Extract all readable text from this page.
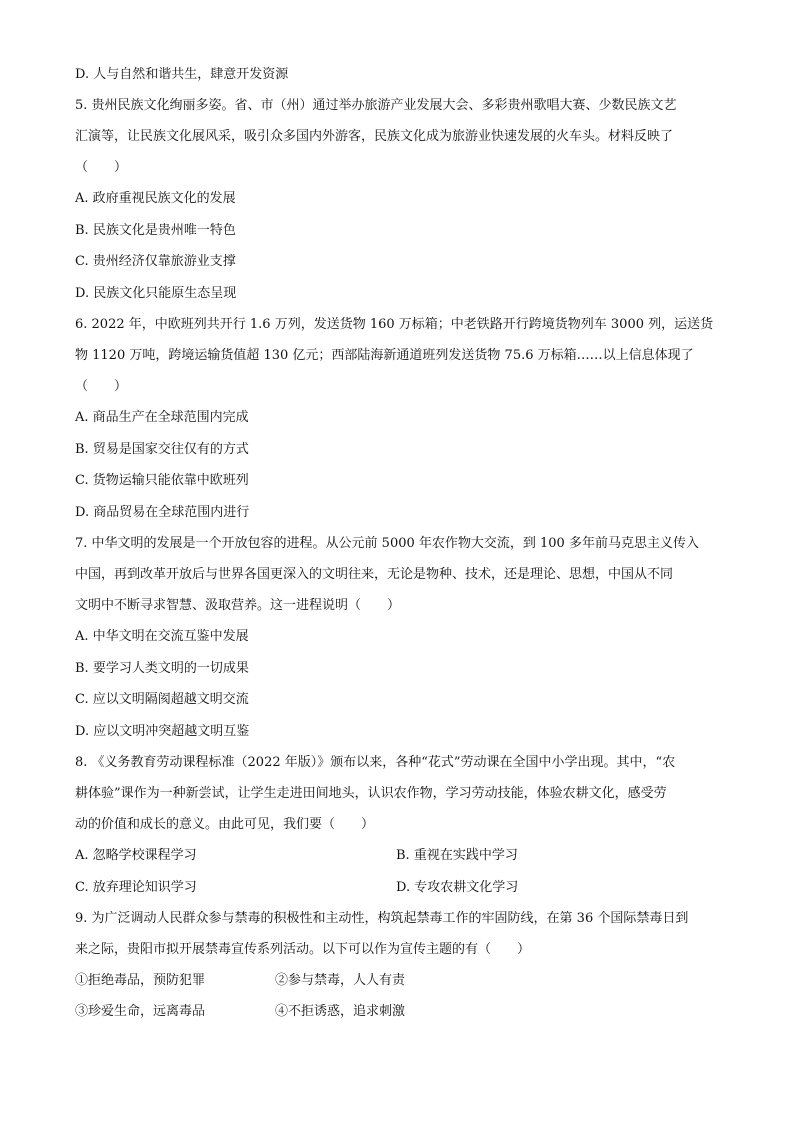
D. 人与自然和谐共生，肆意开发资源
5. 贵州民族文化绚丽多姿。省、市（州）通过举办旅游产业发展大会、多彩贵州歌唱大赛、少数民族文艺
汇演等，让民族文化展风采，吸引众多国内外游客，民族文化成为旅游业快速发展的火车头。材料反映了
（　　）
A. 政府重视民族文化的发展
B. 民族文化是贵州唯一特色
C. 贵州经济仅靠旅游业支撑
D. 民族文化只能原生态呈现
6. 2022 年，中欧班列共开行 1.6 万列，发送货物 160 万标箱；中老铁路开行跨境货物列车 3000 列，运送货
物 1120 万吨，跨境运输货值超 130 亿元；西部陆海新通道班列发送货物 75.6 万标箱……以上信息体现了
（　　）
A. 商品生产在全球范围内完成
B. 贸易是国家交往仅有的方式
C. 货物运输只能依靠中欧班列
D. 商品贸易在全球范围内进行
7. 中华文明的发展是一个开放包容的进程。从公元前 5000 年农作物大交流，到 100 多年前马克思主义传入
中国，再到改革开放后与世界各国更深入的文明往来，无论是物种、技术，还是理论、思想，中国从不同
文明中不断寻求智慧、汲取营养。这一进程说明（　　）
A. 中华文明在交流互鉴中发展
B. 要学习人类文明的一切成果
C. 应以文明隔阂超越文明交流
D. 应以文明冲突超越文明互鉴
8. 《义务教育劳动课程标准（2022 年版）》颁布以来，各种“花式”劳动课在全国中小学出现。其中，“农
耕体验”课作为一种新尝试，让学生走进田间地头，认识农作物，学习劳动技能，体验农耕文化，感受劳
动的价值和成长的意义。由此可见，我们要（　　）
A. 忽略学校课程学习	B. 重视在实践中学习
C. 放弃理论知识学习	D. 专攻农耕文化学习
9. 为广泛调动人民群众参与禁毒的积极性和主动性，构筑起禁毒工作的牢固防线，在第 36 个国际禁毒日到
来之际，贵阳市拟开展禁毒宣传系列活动。以下可以作为宣传主题的有（　　）
①拒绝毒品，预防犯罪	②参与禁毒，人人有责
③珍爱生命，远离毒品	④不拒诱惑，追求刺激
